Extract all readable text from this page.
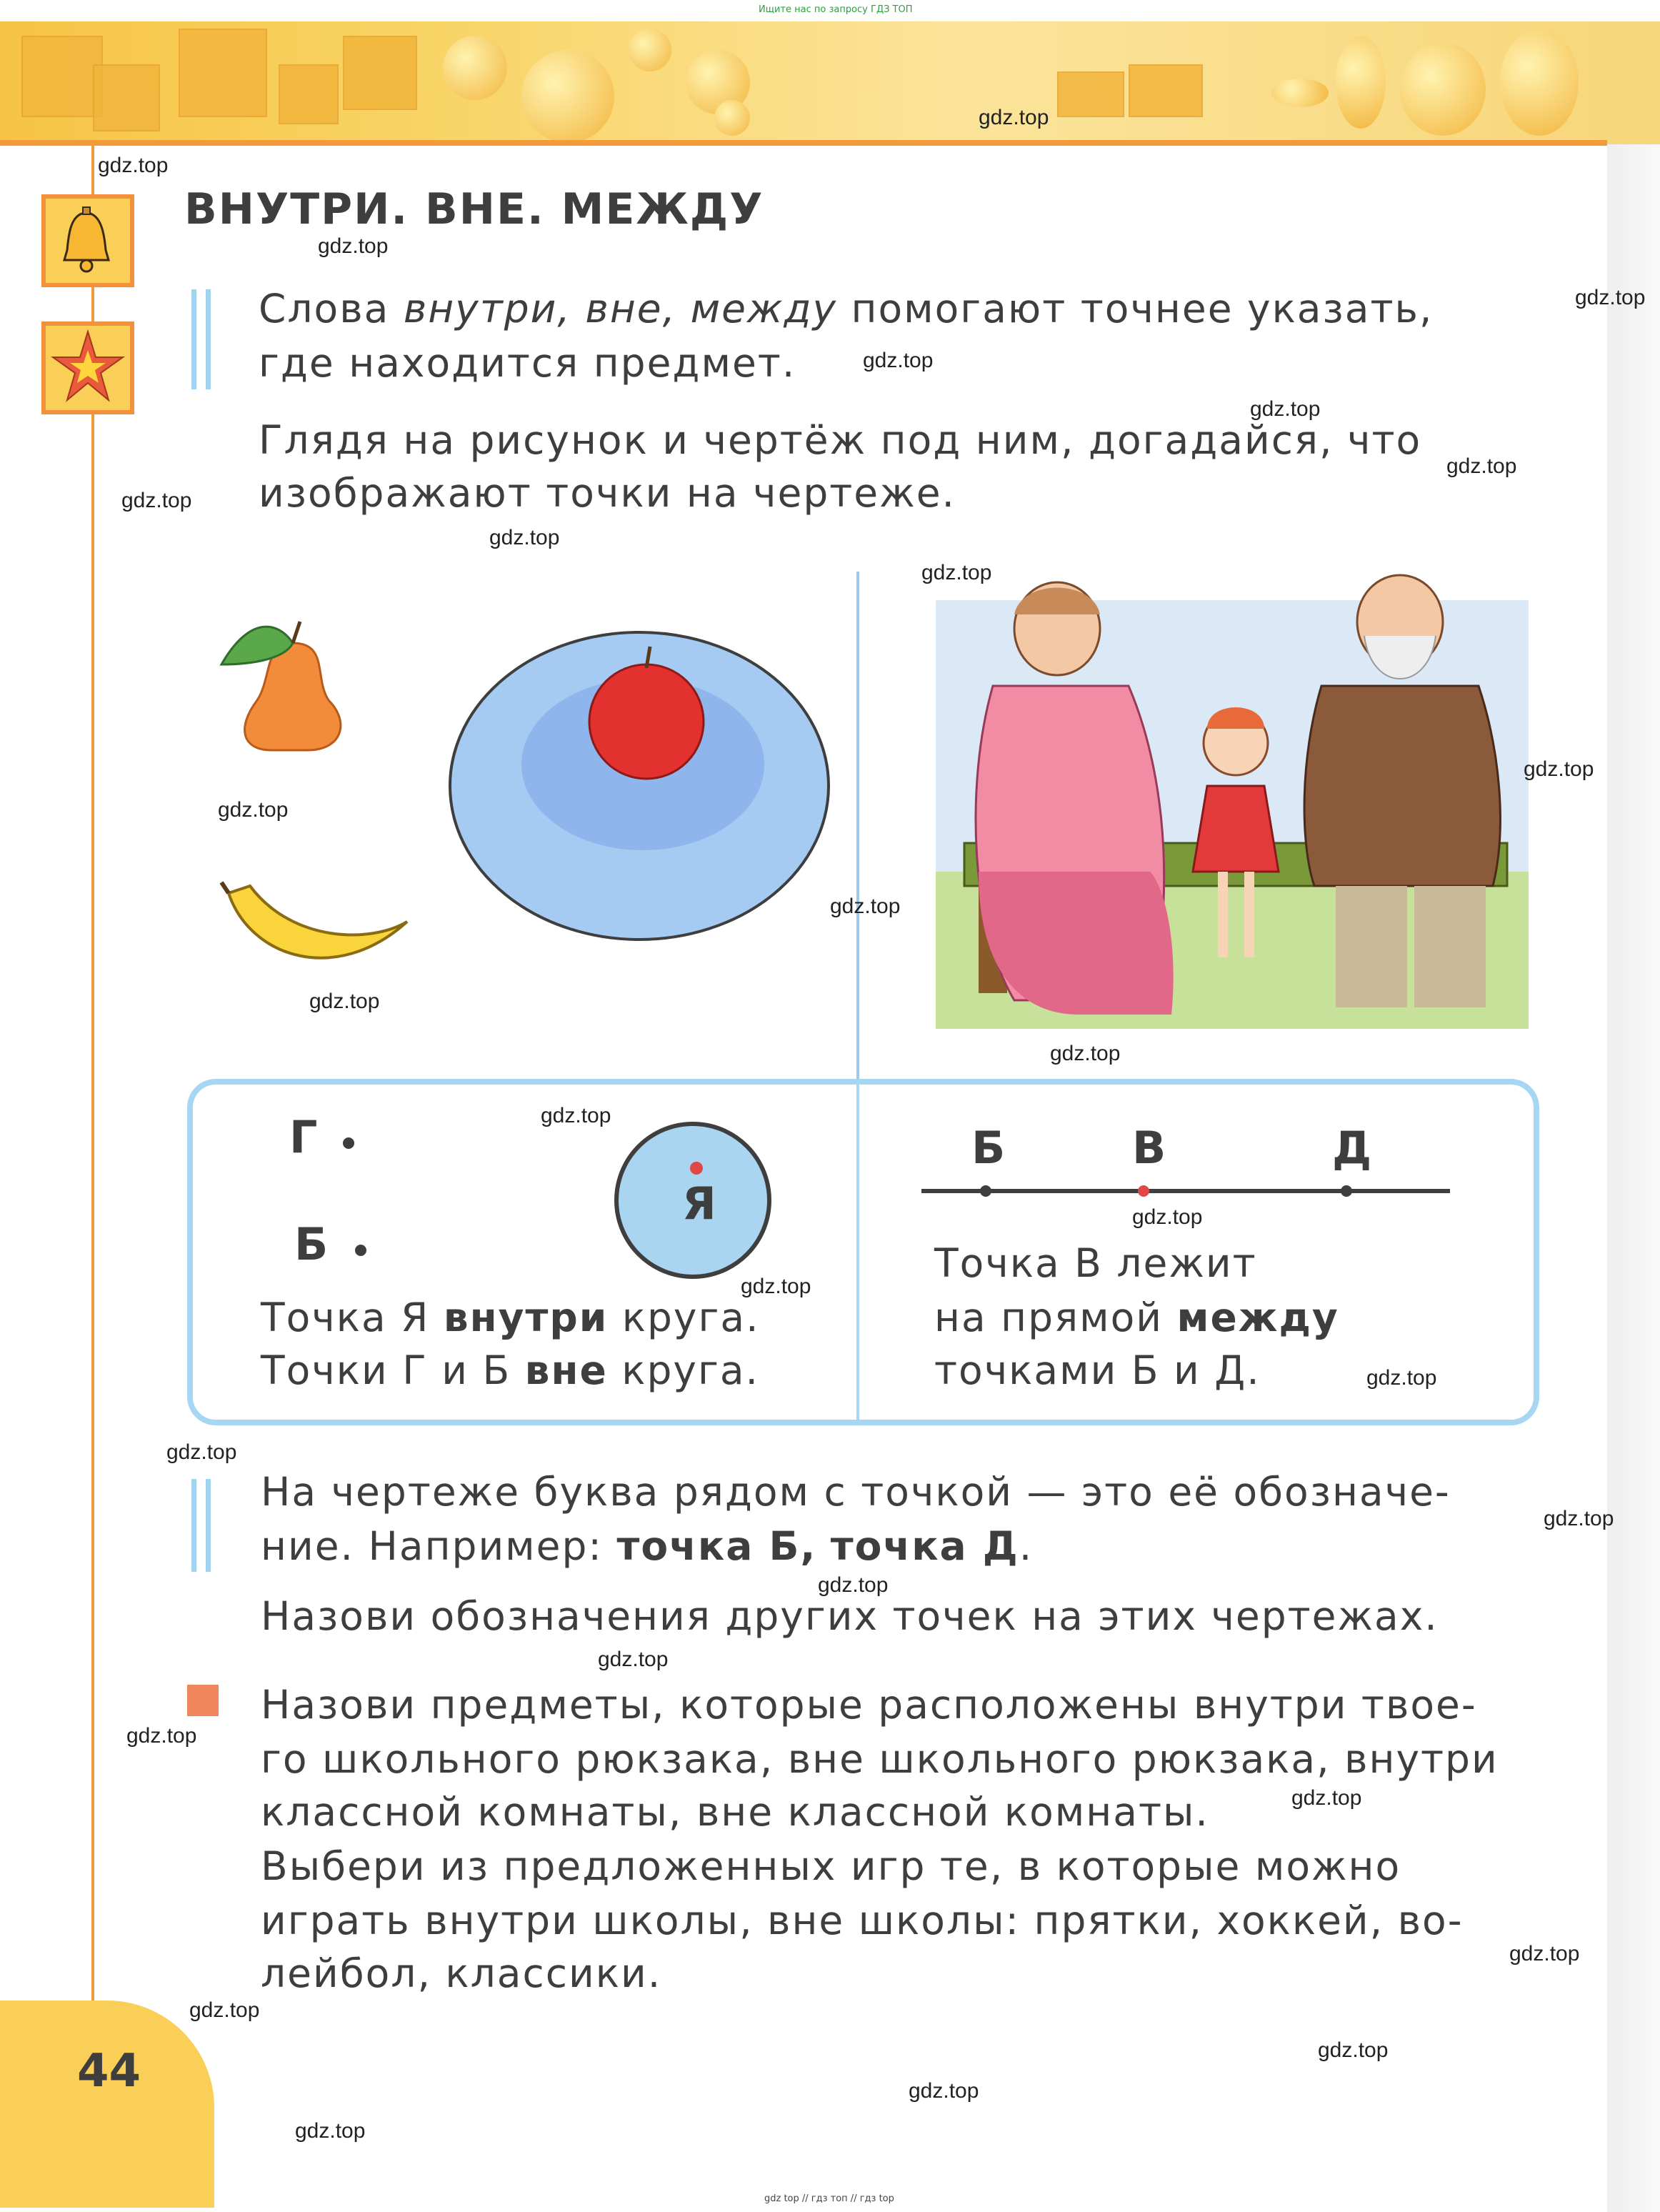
Ищите нас по запросу ГДЗ ТОП
ВНУТРИ. ВНЕ. МЕЖДУ
Слова внутри, вне, между помогают точнее указать,
где находится предмет.
Глядя на рисунок и чертёж под ним, догадайся, что
изображают точки на чертеже.
Г
Б
Я
Точка Я внутри круга.
Точки Г и Б вне круга.
Б	В	Д
Точка В лежит
на прямой между
точками Б и Д.
На чертеже буква рядом с точкой — это её обозначе-
ние. Например: точка Б, точка Д.
Назови обозначения других точек на этих чертежах.
Назови предметы, которые расположены внутри твое-
го школьного рюкзака, вне школьного рюкзака, внутри
классной комнаты, вне классной комнаты.
Выбери из предложенных игр те, в которые можно
играть внутри школы, вне школы: прятки, хоккей, во-
лейбол, классики.
44
gdz.top
gdz.top
gdz.top
gdz.top
gdz.top
gdz.top
gdz.top
gdz.top
gdz.top
gdz.top
gdz.top
gdz.top
gdz.top
gdz.top
gdz.top
gdz.top
gdz.top
gdz.top
gdz.top
gdz.top
gdz.top
gdz.top
gdz.top
gdz.top
gdz.top
gdz.top
gdz.top
gdz.top
gdz.top
gdz.top
gdz top // гдз топ // гдз top
